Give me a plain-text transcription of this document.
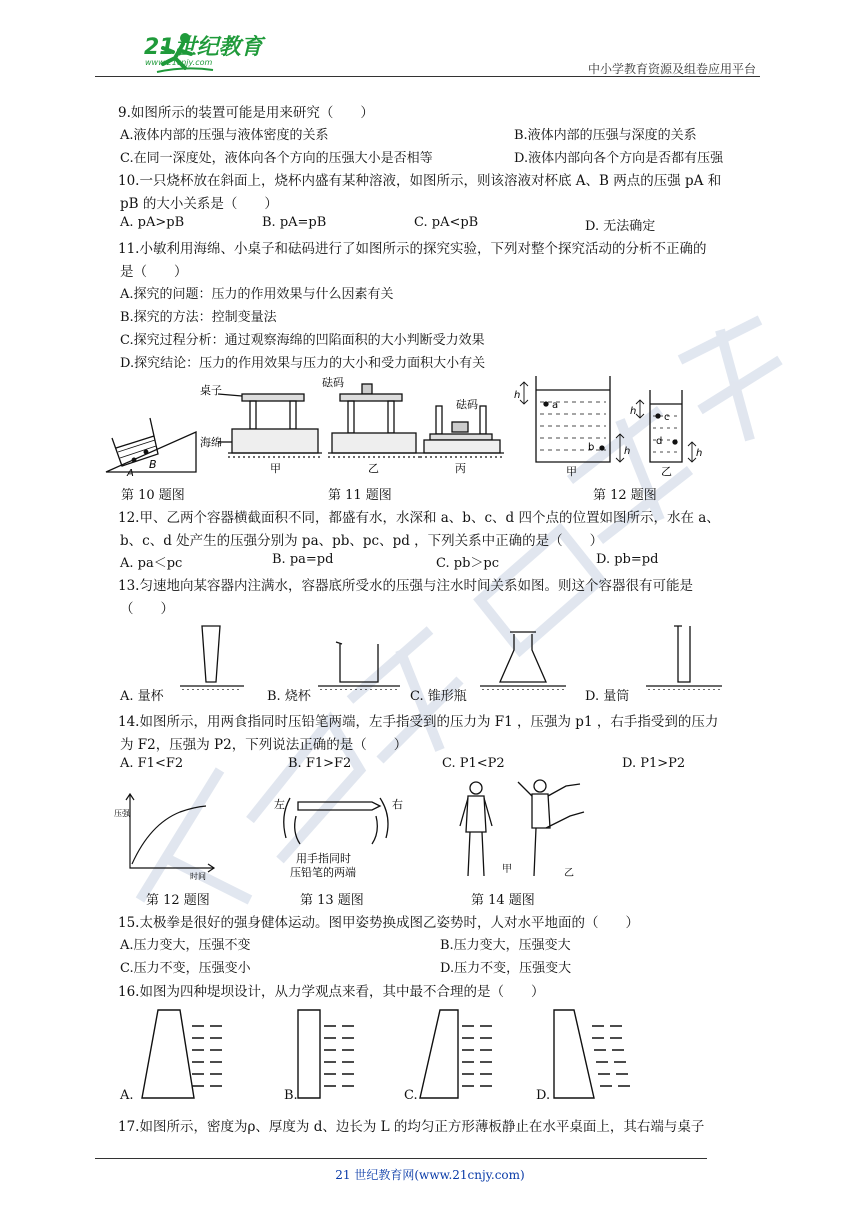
21世纪教育
www.21cnjy.com	中小学教育资源及组卷应用平台
9.如图所示的装置可能是用来研究（　　）
A.液体内部的压强与液体密度的关系	B.液体内部的压强与深度的关系
C.在同一深度处，液体向各个方向的压强大小是否相等	D.液体内部向各个方向是否都有压强
10.一只烧杯放在斜面上，烧杯内盛有某种溶液，如图所示，则该溶液对杯底 A、B 两点的压强 pA 和
pB 的大小关系是（　　）
A. pA>pB	B. pA=pB	C. pA<pB	D. 无法确定
11.小敏利用海绵、小桌子和砝码进行了如图所示的探究实验，下列对整个探究活动的分析不正确的
是（　　）
A.探究的问题：压力的作用效果与什么因素有关
B.探究的方法：控制变量法
C.探究过程分析：通过观察海绵的凹陷面积的大小判断受力效果
D.探究结论：压力的作用效果与压力的大小和受力面积大小有关
B
A
桌子
海绵
砝码
砝码
甲	乙	丙
h
a
b	h
h
c
d
h
甲	乙
第 10 题图	第 11 题图	第 12 题图
12.甲、乙两个容器横截面积不同，都盛有水，水深和 a、b、c、d 四个点的位置如图所示，水在 a、
b、c、d 处产生的压强分别为 pa、pb、pc、pd ，下列关系中正确的是（　　）
A. pa＜pc	B. pa=pd	C. pb＞pc	D. pb=pd
13.匀速地向某容器内注满水，容器底所受水的压强与注水时间关系如图。则这个容器很有可能是
（　　）
A. 量杯	B. 烧杯	C. 锥形瓶	D. 量筒
14.如图所示，用两食指同时压铅笔两端，左手指受到的压力为 F1 ，压强为 p1 ，右手指受到的压力
为 F2，压强为 P2，下列说法正确的是（　　）
A. F1<F2	B. F1>F2	C. P1<P2	D. P1>P2
压强
时间
左	右
用手指同时
压铅笔的两端	甲	乙
第 12 题图	第 13 题图	第 14 题图
15.太极拳是很好的强身健体运动。图甲姿势换成图乙姿势时，人对水平地面的（　　）
A.压力变大，压强不变	B.压力变大，压强变大
C.压力不变，压强变小	D.压力不变，压强变大
16.如图为四种堤坝设计，从力学观点来看，其中最不合理的是（　　）
A.	B.	C.	D.
17.如图所示，密度为ρ、厚度为 d、边长为 L 的均匀正方形薄板静止在水平桌面上，其右端与桌子
21 世纪教育网(www.21cnjy.com)
